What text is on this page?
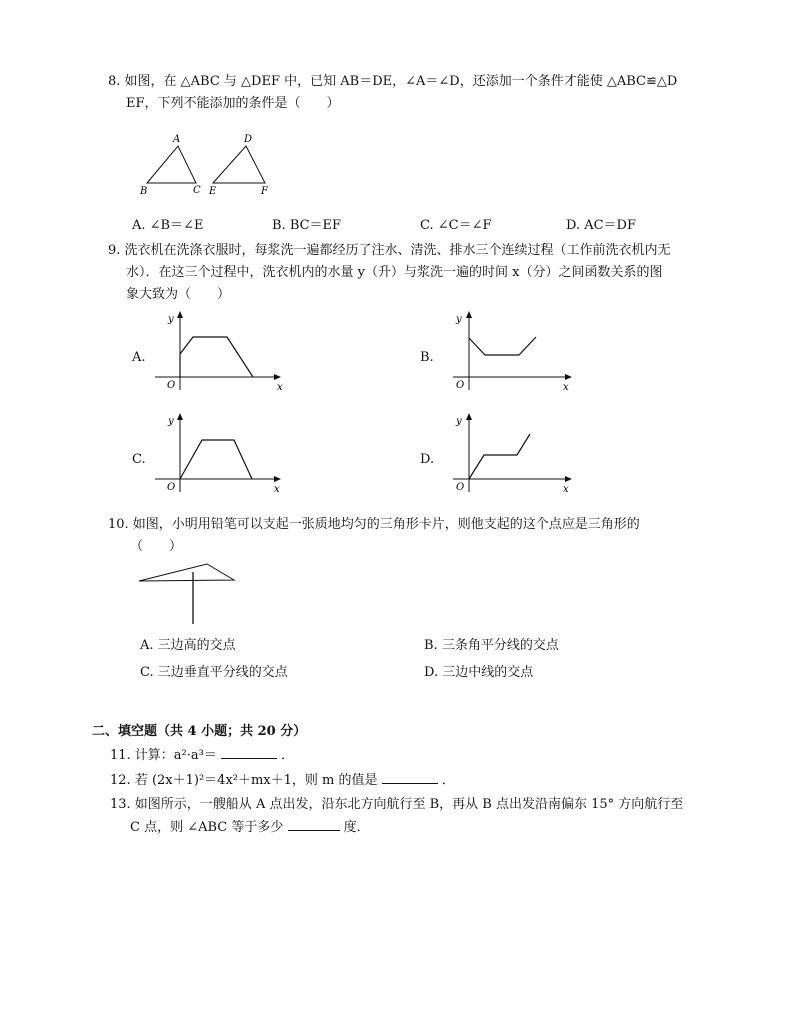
8. 如图，在 △ABC 与 △DEF 中，已知 AB＝DE，∠A＝∠D，还添加一个条件才能使 △ABC≌△D
EF，下列不能添加的条件是（　　）
A
B	C
D
E	F
A. ∠B＝∠E	B. BC＝EF	C. ∠C＝∠F	D. AC＝DF
9. 洗衣机在洗涤衣服时，每浆洗一遍都经历了注水、清洗、排水三个连续过程（工作前洗衣机内无
水）．在这三个过程中，洗衣机内的水量 y（升）与浆洗一遍的时间 x（分）之间函数关系的图
象大致为（　　）
A.
y
O	x
B.
y
O	x
C.
y
O	x
D.
y
O	x
10. 如图，小明用铅笔可以支起一张质地均匀的三角形卡片，则他支起的这个点应是三角形的
（　　）
A. 三边高的交点	B. 三条角平分线的交点
C. 三边垂直平分线的交点	D. 三边中线的交点
二、填空题（共 4 小题；共 20 分）
11. 计算：a²·a³＝	．
12. 若 (2x＋1)²＝4x²＋mx＋1，则 m 的值是	．
13. 如图所示，一艘船从 A 点出发，沿东北方向航行至 B，再从 B 点出发沿南偏东 15° 方向航行至
C 点，则 ∠ABC 等于多少	度．
